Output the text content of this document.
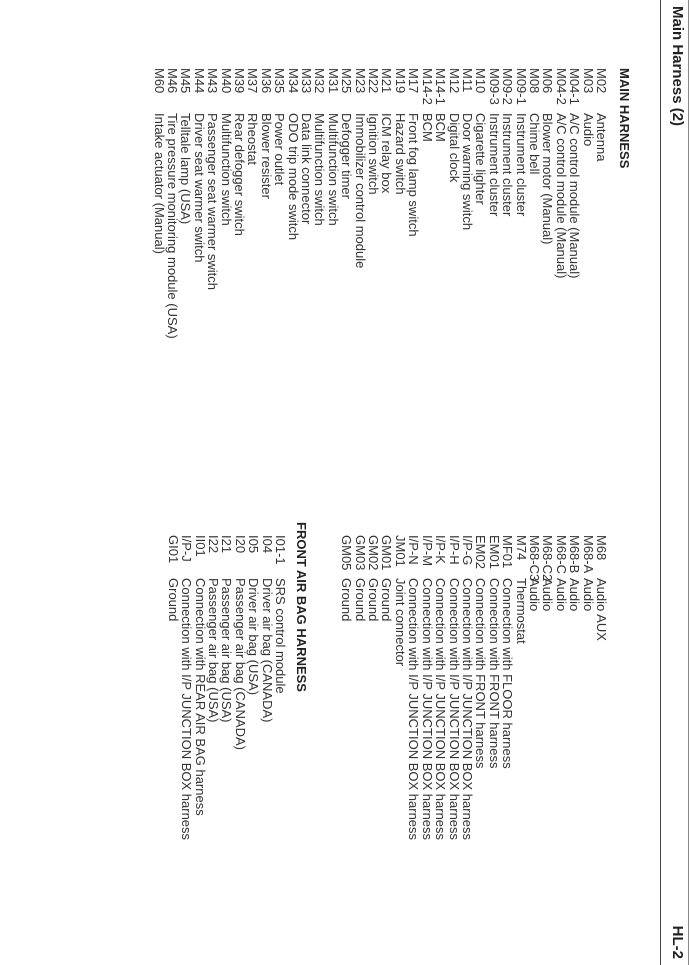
Main Harness (2)
HL-2
MAIN HARNESS
M02
Antenna
M03
Audio
M04-1
A/C control module (Manual)
M04-2
A/C control module (Manual)
M06
Blower motor (Manual)
M08
Chime bell
M09-1
Instrument cluster
M09-2
Instrument cluster
M09-3
Instrument cluster
M10
Cigarette lighter
M11
Door warning switch
M12
Digital clock
M14-1
BCM
M14-2
BCM
M17
Front fog lamp switch
M19
Hazard switch
M21
ICM relay box
M22
Ignition switch
M23
Immobilizer control module
M25
Defogger timer
M31
Multifunction switch
M32
Multifunction switch
M33
Data link connector
M34
ODO trip mode switch
M35
Power outlet
M36
Blower resister
M37
Rheostat
M39
Rear defogger switch
M40
Multifunction switch
M43
Passenger seat warmer switch
M44
Driver seat warmer switch
M45
Telltale lamp (USA)
M46
Tire pressure monitoring module (USA)
M60
Intake actuator (Manual)
M68
Audio AUX
M68-A
Audio
M68-B
Audio
M68-C
Audio
M68-C2
Audio
M68-C3
Audio
M74
Thermostat
MF01
Connection with FLOOR harness
EM01
Connection with FRONT harness
EM02
Connection with FRONT harness
I/P-G
Connection with I/P JUNCTION BOX harness
I/P-H
Connection with I/P JUNCTION BOX harness
I/P-K
Connection with I/P JUNCTION BOX harness
I/P-M
Connection with I/P JUNCTION BOX harness
I/P-N
Connection with I/P JUNCTION BOX harness
JM01
Joint connector
GM01
Ground
GM02
Ground
GM03
Ground
GM05
Ground
FRONT AIR BAG HARNESS
I01-1
SRS control module
I04
Driver air bag (CANADA)
I05
Driver air bag (USA)
I20
Passenger air bag (CANADA)
I21
Passenger air bag (USA)
I22
Passenger air bag (USA)
II01
Connection with REAR AIR BAG harness
I/P-J
Connection with I/P JUNCTION BOX harness
GI01
Ground
